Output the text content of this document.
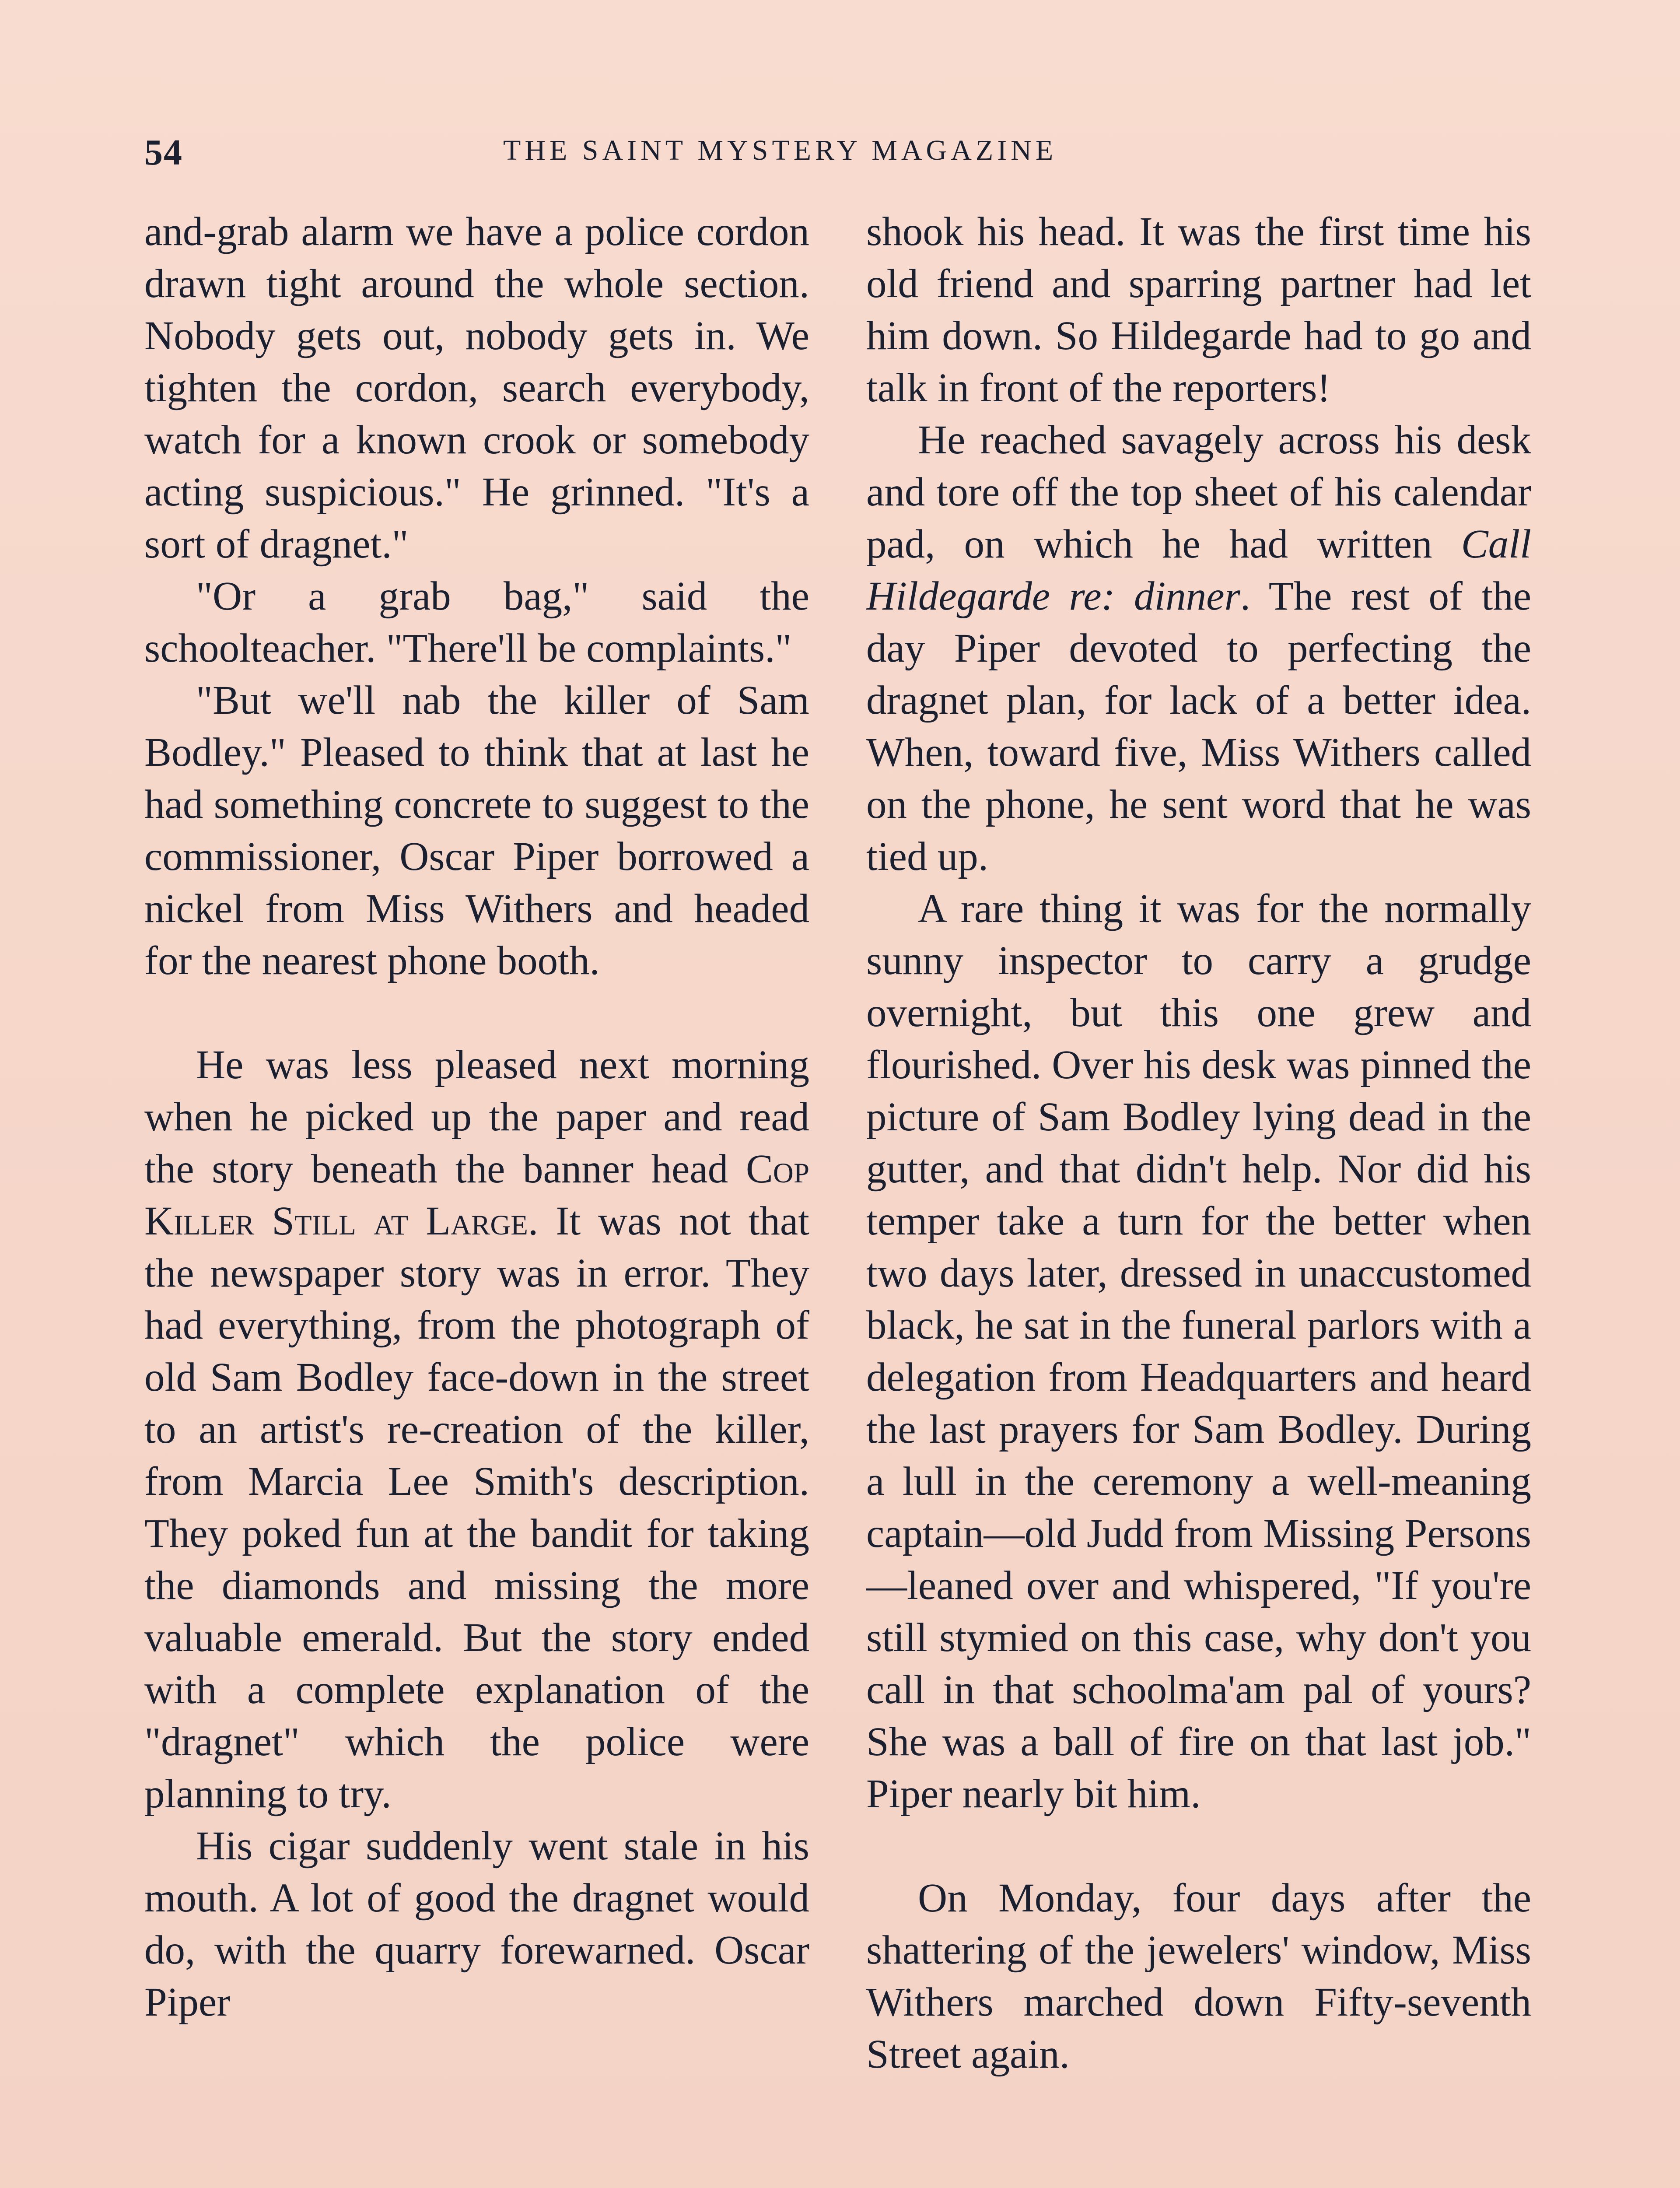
54	THE SAINT MYSTERY MAGAZINE

and-grab alarm we have a police cordon drawn tight around the whole section. Nobody gets out, nobody gets in. We tighten the cordon, search everybody, watch for a known crook or somebody acting suspicious." He grinned. "It's a sort of dragnet."

"Or a grab bag," said the schoolteacher. "There'll be complaints."

"But we'll nab the killer of Sam Bodley." Pleased to think that at last he had something concrete to suggest to the commissioner, Oscar Piper borrowed a nickel from Miss Withers and headed for the nearest phone booth.

He was less pleased next morning when he picked up the paper and read the story beneath the banner head Cop Killer Still at Large. It was not that the newspaper story was in error. They had everything, from the photograph of old Sam Bodley face-down in the street to an artist's re-creation of the killer, from Marcia Lee Smith's description. They poked fun at the bandit for taking the diamonds and missing the more valuable emerald. But the story ended with a complete explanation of the "dragnet" which the police were planning to try.

His cigar suddenly went stale in his mouth. A lot of good the dragnet would do, with the quarry forewarned. Oscar Piper

shook his head. It was the first time his old friend and sparring partner had let him down. So Hildegarde had to go and talk in front of the reporters!

He reached savagely across his desk and tore off the top sheet of his calendar pad, on which he had written Call Hildegarde re: dinner. The rest of the day Piper devoted to perfecting the dragnet plan, for lack of a better idea. When, toward five, Miss Withers called on the phone, he sent word that he was tied up.

A rare thing it was for the normally sunny inspector to carry a grudge overnight, but this one grew and flourished. Over his desk was pinned the picture of Sam Bodley lying dead in the gutter, and that didn't help. Nor did his temper take a turn for the better when two days later, dressed in unaccustomed black, he sat in the funeral parlors with a delegation from Headquarters and heard the last prayers for Sam Bodley. During a lull in the ceremony a well-meaning captain—old Judd from Missing Persons —leaned over and whispered, "If you're still stymied on this case, why don't you call in that schoolma'am pal of yours? She was a ball of fire on that last job." Piper nearly bit him.

On Monday, four days after the shattering of the jewelers' window, Miss Withers marched down Fifty-seventh Street again.
